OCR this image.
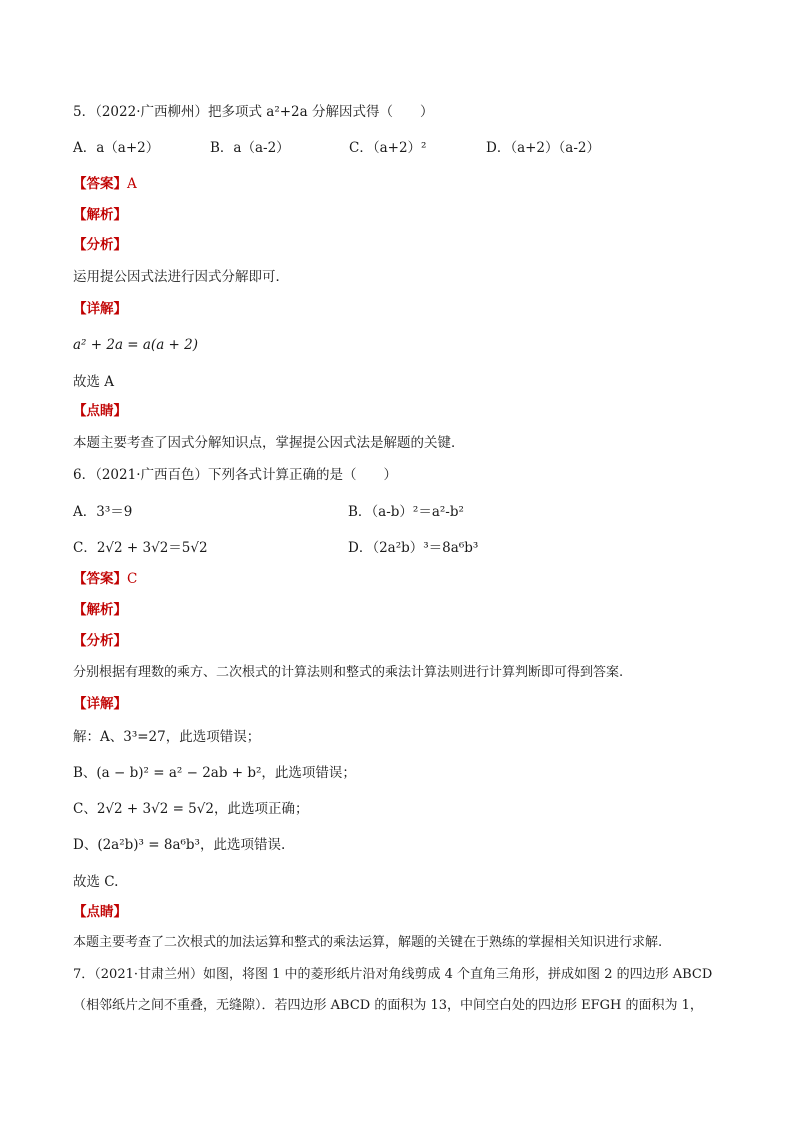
5．（2022·广西柳州）把多项式 a²+2a 分解因式得（　　）
A．a（a+2）	B．a（a-2）	C．（a+2）²	D．（a+2）（a-2）
【答案】A
【解析】
【分析】
运用提公因式法进行因式分解即可．
【详解】
a² + 2a = a(a + 2)
故选 A
【点睛】
本题主要考查了因式分解知识点，掌握提公因式法是解题的关键．
6．（2021·广西百色）下列各式计算正确的是（　　）
A．3³＝9	B．（a-b）²＝a²-b²
C．2√2 + 3√2＝5√2	D．（2a²b）³＝8a⁶b³
【答案】C
【解析】
【分析】
分别根据有理数的乘方、二次根式的计算法则和整式的乘法计算法则进行计算判断即可得到答案.
【详解】
解：A、3³=27，此选项错误；
B、(a − b)² = a² − 2ab + b²，此选项错误；
C、2√2 + 3√2 = 5√2，此选项正确；
D、(2a²b)³ = 8a⁶b³，此选项错误.
故选 C.
【点睛】
本题主要考查了二次根式的加法运算和整式的乘法运算，解题的关键在于熟练的掌握相关知识进行求解.
7．（2021·甘肃兰州）如图，将图 1 中的菱形纸片沿对角线剪成 4 个直角三角形，拼成如图 2 的四边形 ABCD
（相邻纸片之间不重叠，无缝隙）．若四边形 ABCD 的面积为 13，中间空白处的四边形 EFGH 的面积为 1，
